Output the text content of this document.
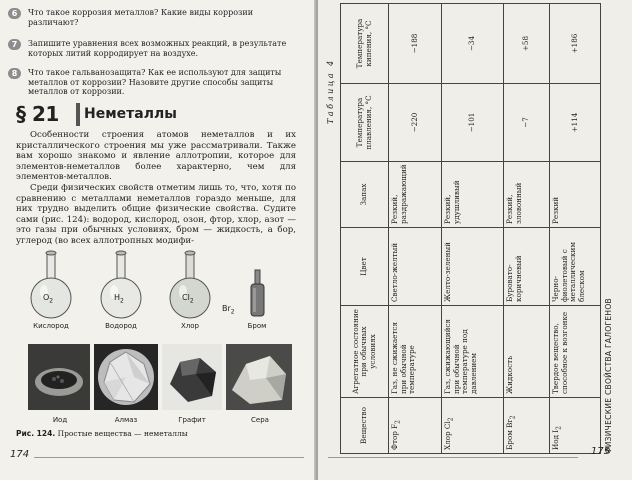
6	Что такое коррозия металлов? Какие виды коррозии различают?
7	Запишите уравнения всех возможных реакций, в результате которых литий корродирует на воздухе.
8	Что такое гальванозащита? Как ее используют для защиты металлов от коррозии? Назовите другие способы защиты металлов от коррозии.
§ 21 Неметаллы
Особенности строения атомов неметаллов и их кристаллического строения мы уже рассматривали. Также вам хорошо знакомо и явление аллотропии, которое для элементов-неметаллов более характерно, чем для элементов-металлов.
Среди физических свойств отметим лишь то, что, хотя по сравнению с металлами неметаллов гораздо меньше, для них трудно выделить общие физические свойства. Судите сами (рис. 124): водород, кислород, озон, фтор, хлор, азот — это газы при обычных условиях, бром — жидкость, а бор, углерод (во всех аллотропных модифи-
$O_2$
Кислород
$H_2$
Водород
$Cl_2$
Хлор
$Br_2$
Бром
Иод	Алмаз	Графит	Сера
Рис. 124. Простые вещества — неметаллы
174
Таблица 4
Вещество	Агрегатное состояние при обычных условиях	Цвет	Запах	Температура плавления, °С	Температура кипения, °С
Фтор $F_2$	Газ, не сжижается при обычной температуре	Светло-желтый	Резкий, раздражающий	−220	−188
Хлор $Cl_2$	Газ, сжижающийся при обычной температуре под давлением	Желто-зеленый	Резкий, удушливый	−101	−34
Бром $Br_2$	Жидкость	Буровато-коричневый	Резкий, зловонный	−7	+58
Иод $I_2$	Твердое вещество, способное к возгонке	Черно-фиолетовый с металлическим блеском	Резкий	+114	+186
ФИЗИЧЕСКИЕ СВОЙСТВА ГАЛОГЕНОВ
175
